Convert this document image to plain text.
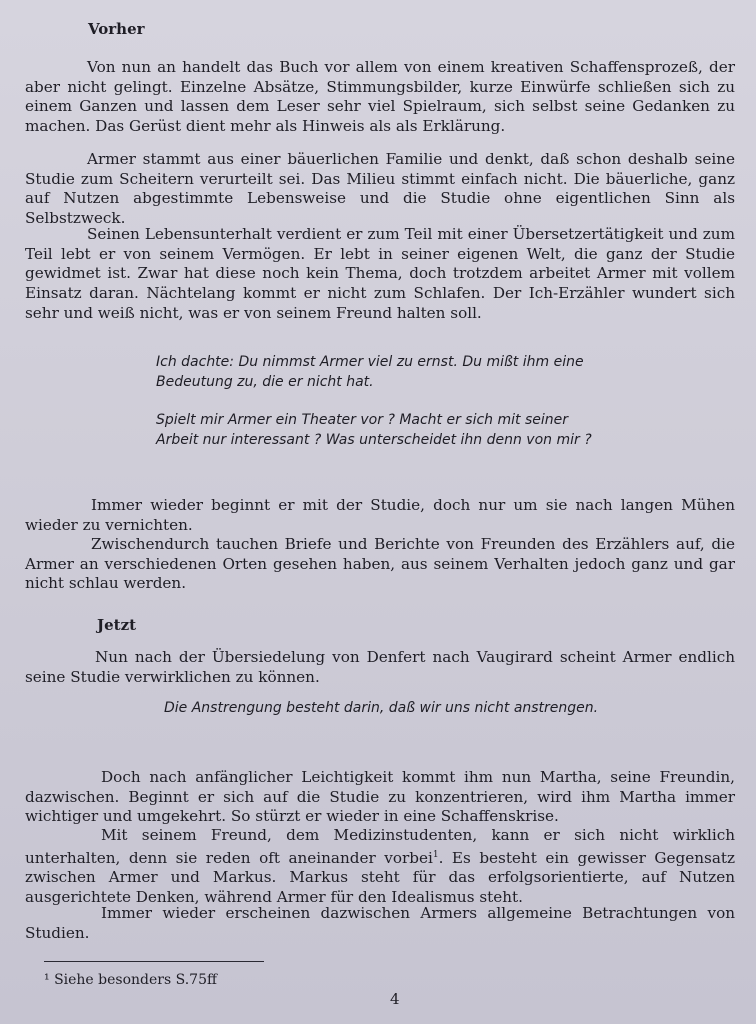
Vorher

Von nun an handelt das Buch vor allem von einem kreativen Schaffensprozeß, der aber nicht gelingt. Einzelne Absätze, Stimmungsbilder, kurze Einwürfe schließen sich zu einem Ganzen und lassen dem Leser sehr viel Spielraum, sich selbst seine Gedanken zu machen. Das Gerüst dient mehr als Hinweis als als Erklärung.

Armer stammt aus einer bäuerlichen Familie und denkt, daß schon deshalb seine Studie zum Scheitern verurteilt sei. Das Milieu stimmt einfach nicht. Die bäuerliche, ganz auf Nutzen abgestimmte Lebensweise und die Studie ohne eigentlichen Sinn als Selbstzweck.

Seinen Lebensunterhalt verdient er zum Teil mit einer Übersetzertätigkeit und zum Teil lebt er von seinem Vermögen. Er lebt in seiner eigenen Welt, die ganz der Studie gewidmet ist. Zwar hat diese noch kein Thema, doch trotzdem arbeitet Armer mit vollem Einsatz daran. Nächtelang kommt er nicht zum Schlafen. Der Ich-Erzähler wundert sich sehr und weiß nicht, was er von seinem Freund halten soll.

Ich dachte: Du nimmst Armer viel zu ernst. Du mißt ihm eine Bedeutung zu, die er nicht hat.

Spielt mir Armer ein Theater vor ? Macht er sich mit seiner Arbeit nur interessant ? Was unterscheidet ihn denn von mir ?

Immer wieder beginnt er mit der Studie, doch nur um sie nach langen Mühen wieder zu vernichten.

Zwischendurch tauchen Briefe und Berichte von Freunden des Erzählers auf, die Armer an verschiedenen Orten gesehen haben, aus seinem Verhalten jedoch ganz und gar nicht schlau werden.

Jetzt

Nun nach der Übersiedelung von Denfert nach Vaugirard scheint Armer endlich seine Studie verwirklichen zu können.

Die Anstrengung besteht darin, daß wir uns nicht anstrengen.

Doch nach anfänglicher Leichtigkeit kommt ihm nun Martha, seine Freundin, dazwischen. Beginnt er sich auf die Studie zu konzentrieren, wird ihm Martha immer wichtiger und umgekehrt. So stürzt er wieder in eine Schaffenskrise.

Mit seinem Freund, dem Medizinstudenten, kann er sich nicht wirklich unterhalten, denn sie reden oft aneinander vorbei$^1$. Es besteht ein gewisser Gegensatz zwischen Armer und Markus. Markus steht für das erfolgsorientierte, auf Nutzen ausgerichtete Denken, während Armer für den Idealismus steht.

Immer wieder erscheinen dazwischen Armers allgemeine Betrachtungen von Studien.

¹ Siehe besonders S.75ff

4
